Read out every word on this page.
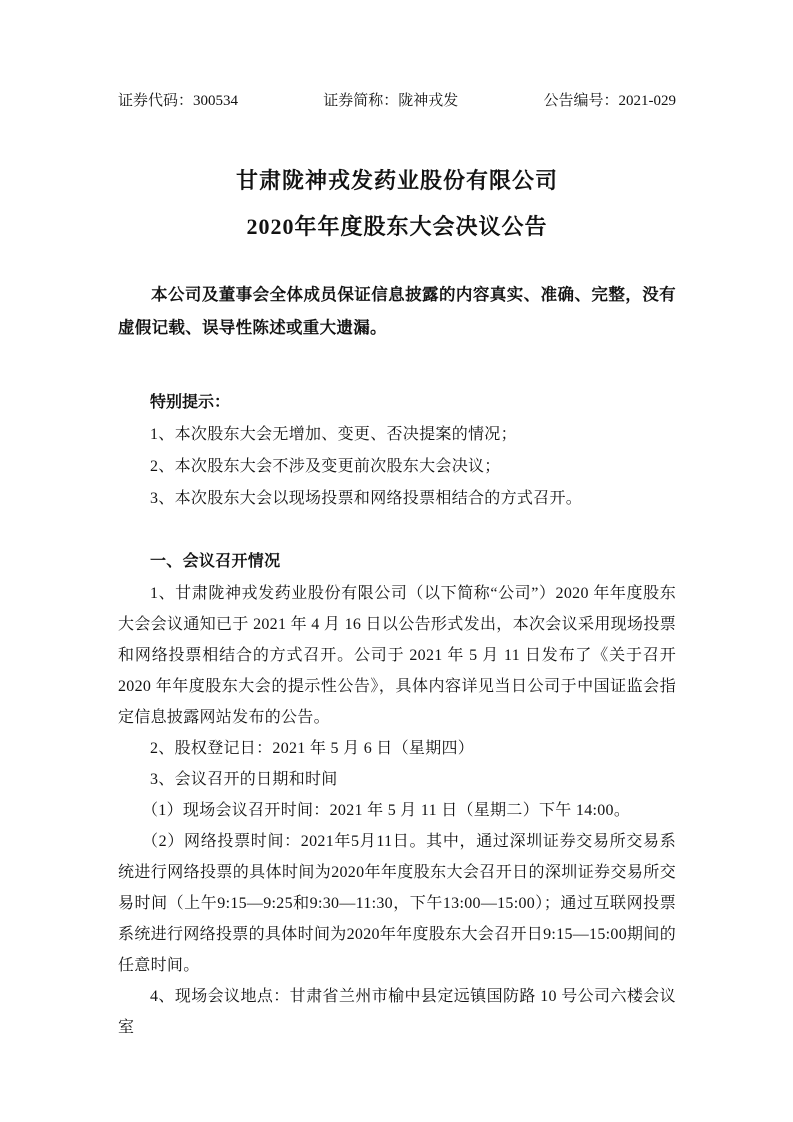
证券代码：300534	证券简称：陇神戎发	公告编号：2021-029
甘肃陇神戎发药业股份有限公司
2020年年度股东大会决议公告

本公司及董事会全体成员保证信息披露的内容真实、准确、完整，没有虚假记载、误导性陈述或重大遗漏。

特别提示：

1、本次股东大会无增加、变更、否决提案的情况；

2、本次股东大会不涉及变更前次股东大会决议；

3、本次股东大会以现场投票和网络投票相结合的方式召开。

一、会议召开情况

1、甘肃陇神戎发药业股份有限公司（以下简称“公司”）2020 年年度股东大会会议通知已于 2021 年 4 月 16 日以公告形式发出，本次会议采用现场投票和网络投票相结合的方式召开。公司于 2021 年 5 月 11 日发布了《关于召开 2020 年年度股东大会的提示性公告》，具体内容详见当日公司于中国证监会指定信息披露网站发布的公告。

2、股权登记日：2021 年 5 月 6 日（星期四）

3、会议召开的日期和时间

（1）现场会议召开时间：2021 年 5 月 11 日（星期二）下午 14:00。

（2）网络投票时间：2021年5月11日。其中，通过深圳证券交易所交易系统进行网络投票的具体时间为2020年年度股东大会召开日的深圳证券交易所交易时间（上午9:15—9:25和9:30—11:30，下午13:00—15:00）；通过互联网投票系统进行网络投票的具体时间为2020年年度股东大会召开日9:15—15:00期间的任意时间。

4、现场会议地点：甘肃省兰州市榆中县定远镇国防路 10 号公司六楼会议室
